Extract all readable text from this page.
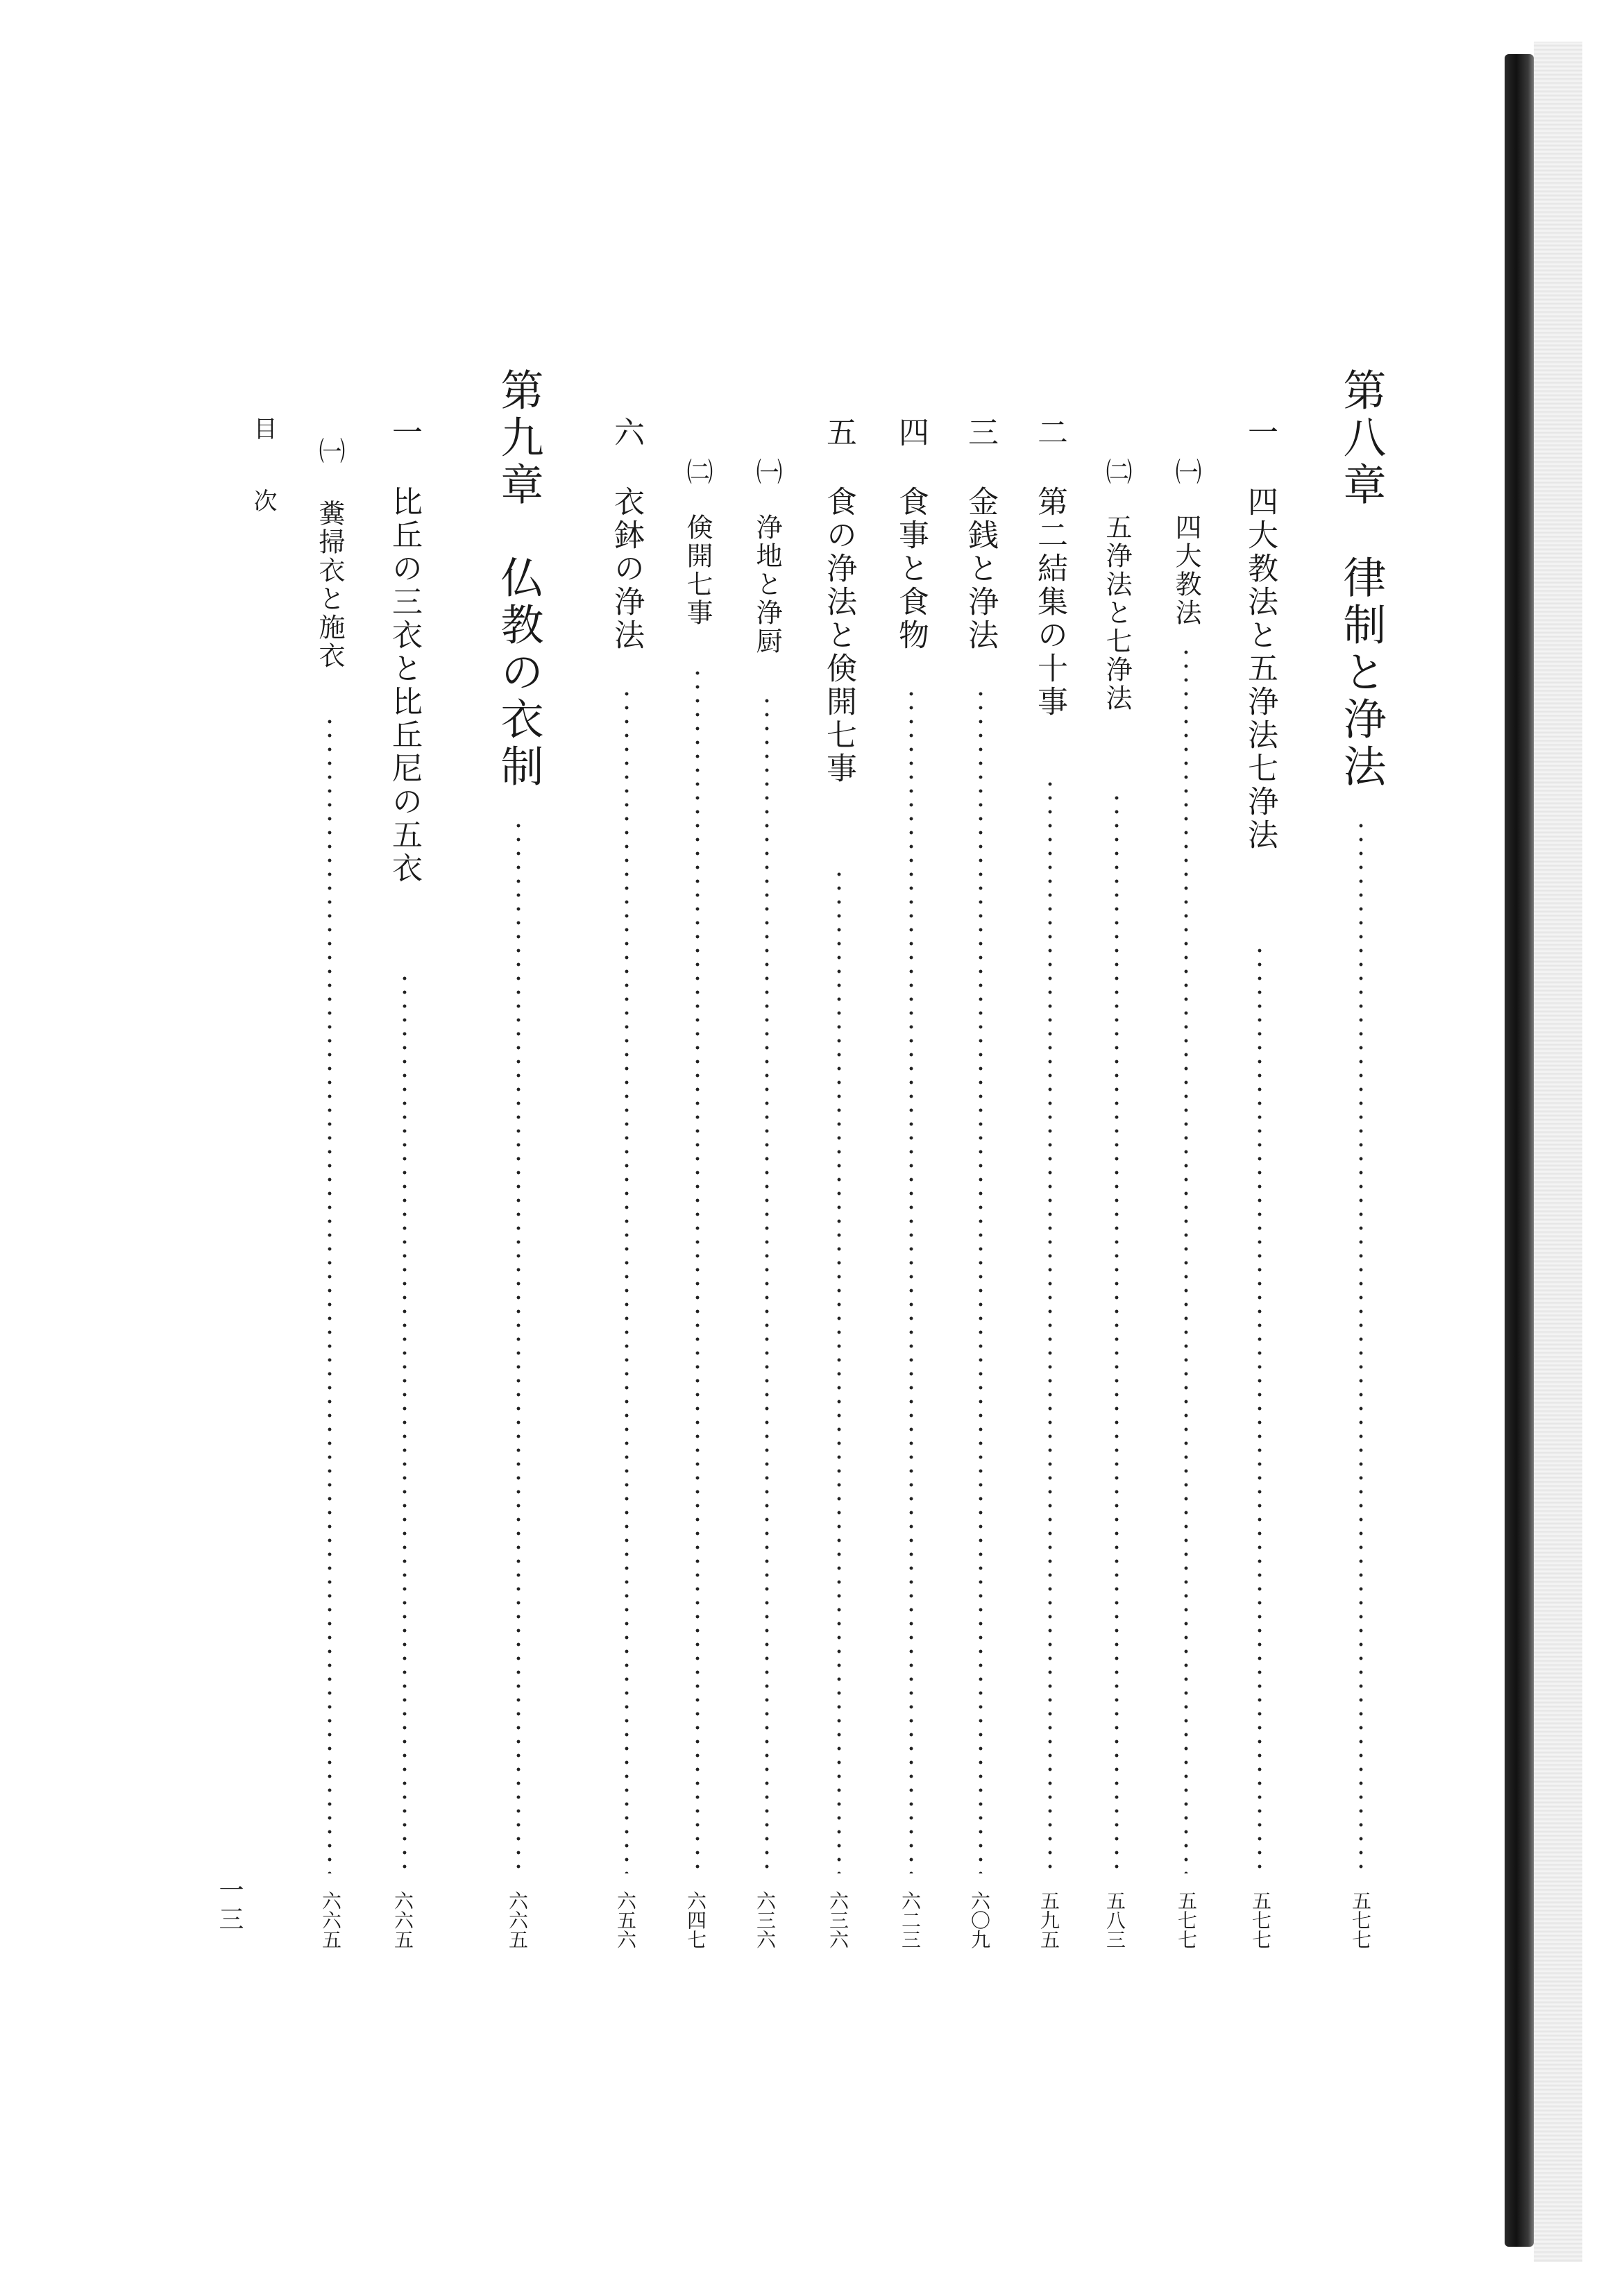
第八章
律制と浄法
五七七
一
四大教法と五浄法七浄法
五七七
㈠
四大教法
五七七
㈡
五浄法と七浄法
五八三
二
第二結集の十事
五九五
三
金銭と浄法
六〇九
四
食事と食物
六二三
五
食の浄法と倹開七事
六三六
㈠
浄地と浄厨
六三六
㈡
倹開七事
六四七
六
衣鉢の浄法
六五六
第九章
仏教の衣制
六六五
一
比丘の三衣と比丘尼の五衣
六六五
㈠
糞掃衣と施衣
六六五
目次
一三
